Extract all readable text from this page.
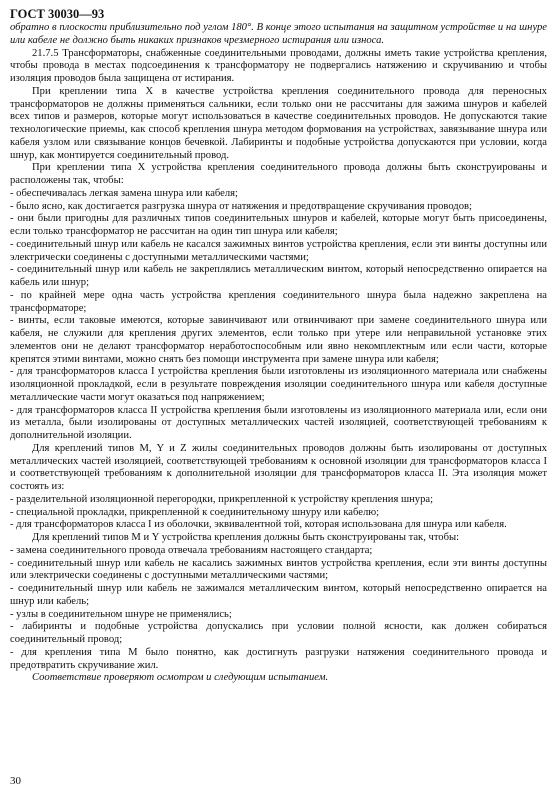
ГОСТ 30030—93

обратно в плоскости приблизительно под углом 180°. В конце этого испытания на защитном устройстве и на шнуре или кабеле не должно быть никаких признаков чрезмерного истирания или износа.

21.7.5 Трансформаторы, снабженные соединительными проводами, должны иметь такие устройства крепления, чтобы провода в местах подсоединения к трансформатору не подвергались натяжению и скручиванию и чтобы изоляция проводов была защищена от истирания.

При креплении типа X в качестве устройства крепления соединительного провода для переносных трансформаторов не должны применяться сальники, если только они не рассчитаны для зажима шнуров и кабелей всех типов и размеров, которые могут использоваться в качестве соединительных проводов. Не допускаются такие технологические приемы, как способ крепления шнура методом формования на устройствах, завязывание шнура или кабеля узлом или связывание концов бечевкой. Лабиринты и подобные устройства допускаются при условии, когда шнур, как монтируется соединительный провод.

При креплении типа X устройства крепления соединительного провода должны быть сконструированы и расположены так, чтобы:

- обеспечивалась легкая замена шнура или кабеля;

- было ясно, как достигается разгрузка шнура от натяжения и предотвращение скручивания проводов;

- они были пригодны для различных типов соединительных шнуров и кабелей, которые могут быть присоединены, если только трансформатор не рассчитан на один тип шнура или кабеля;

- соединительный шнур или кабель не касался зажимных винтов устройства крепления, если эти винты доступны или электрически соединены с доступными металлическими частями;

- соединительный шнур или кабель не закреплялись металлическим винтом, который непосредственно опирается на кабель или шнур;

- по крайней мере одна часть устройства крепления соединительного шнура была надежно закреплена на трансформаторе;

- винты, если таковые имеются, которые завинчивают или отвинчивают при замене соединительного шнура или кабеля, не служили для крепления других элементов, если только при утере или неправильной установке этих элементов они не делают трансформатор неработоспособным или явно некомплектным или если части, которые крепятся этими винтами, можно снять без помощи инструмента при замене шнура или кабеля;

- для трансформаторов класса I устройства крепления были изготовлены из изоляционного материала или снабжены изоляционной прокладкой, если в результате повреждения изоляции соединительного шнура или кабеля доступные металлические части могут оказаться под напряжением;

- для трансформаторов класса II устройства крепления были изготовлены из изоляционного материала или, если они из металла, были изолированы от доступных металлических частей изоляцией, соответствующей требованиям к дополнительной изоляции.

Для креплений типов M, Y и Z жилы соединительных проводов должны быть изолированы от доступных металлических частей изоляцией, соответствующей требованиям к основной изоляции для трансформаторов класса I и соответствующей требованиям к дополнительной изоляции для трансформаторов класса II. Эта изоляция может состоять из:

- разделительной изоляционной перегородки, прикрепленной к устройству крепления шнура;

- специальной прокладки, прикрепленной к соединительному шнуру или кабелю;

- для трансформаторов класса I из оболочки, эквивалентной той, которая использована для шнура или кабеля.

Для креплений типов M и Y устройства крепления должны быть сконструированы так, чтобы:

- замена соединительного провода отвечала требованиям настоящего стандарта;

- соединительный шнур или кабель не касались зажимных винтов устройства крепления, если эти винты доступны или электрически соединены с доступными металлическими частями;

- соединительный шнур или кабель не зажимался металлическим винтом, который непосредственно опирается на шнур или кабель;

- узлы в соединительном шнуре не применялись;

- лабиринты и подобные устройства допускались при условии полной ясности, как должен собираться соединительный провод;

- для крепления типа M было понятно, как достигнуть разгрузки натяжения соединительного провода и предотвратить скручивание жил.

Соответствие проверяют осмотром и следующим испытанием.

30
